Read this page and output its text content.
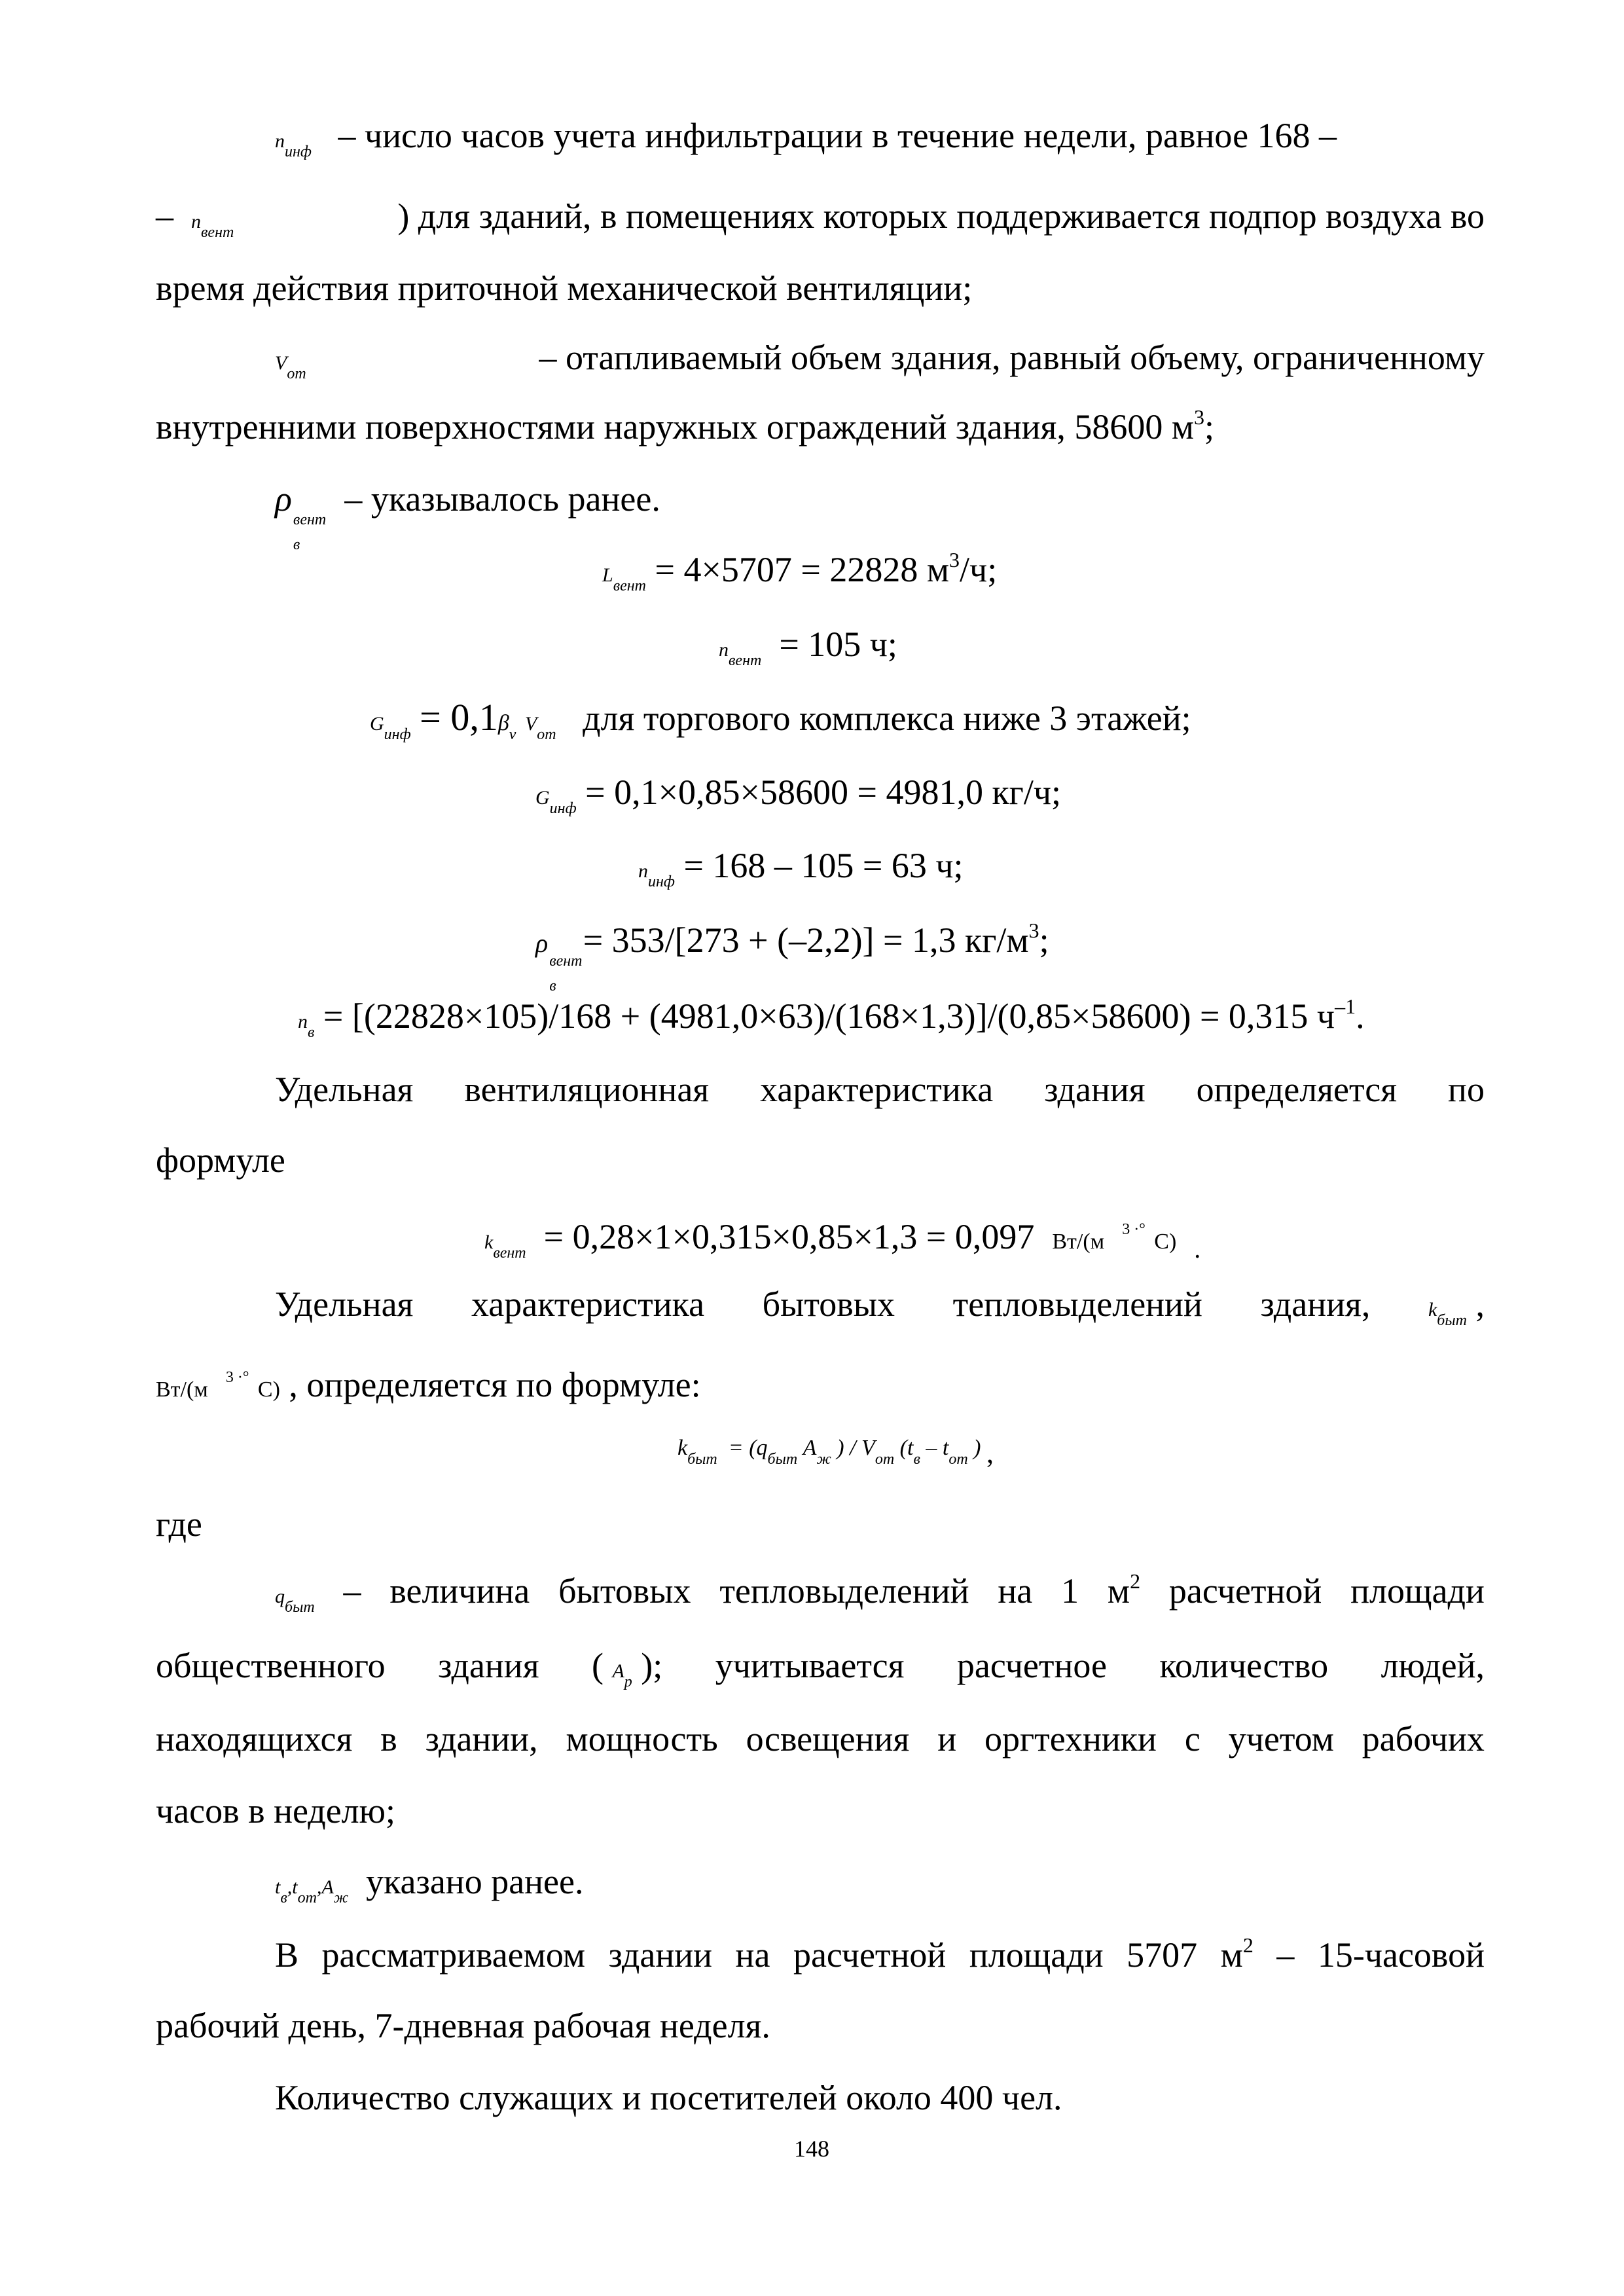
$n_{инф}$ – число часов учета инфильтрации в течение недели, равное 168 –
– $n_{вент}$	) для зданий, в помещениях которых поддерживается подпор воздуха во
время действия приточной механической вентиляции;
$V_{от}$	– отапливаемый объем здания, равный объему, ограниченному
внутренними поверхностями наружных ограждений здания, 58600 $м^3$;
ρ
в
вент
– указывалось ранее.
$L_{вент} = 4\times 5707 = 22828$ $м^3/ч$;
$n_{вент} = 105$ ч;
$G_{инф} = 0,1\beta_v$ $V_{от}$ для торгового комплекса ниже 3 этажей;
$G_{инф} = 0,1\times 0,85\times 58600 = 4981,0$ кг/ч;
$n_{инф} = 168 - 105 = 63$ ч;
ρ
в
вент
= 353/[273 + (–2,2)] = 1,3 $кг/м^3$;
$n_в = [(22828\times 105)/168 + (4981,0\times 63)/(168\times 1,3)]/(0,85\times 58600) = 0,315$ $ч^{-1}$.
Удельная вентиляционная характеристика здания определяется по
формуле
$k_{вент} = 0,28\times 1\times 0,315\times 0,85\times 1,3 = 0,097$ Вт/(м $^{3 \cdot^\circ}$ С) $_.$
Удельная характеристика бытовых тепловыделений здания,	$k_{быт}$ ,
Вт/(м $^{3 \cdot^\circ}$ С) , определяется по формуле:
$k_{быт} = (q_{быт}$ $A_ж$ ) / $V_{от}$ ($t_в - t_{от}$ ) ,
где
$q_{быт}$ – величина бытовых тепловыделений на 1 $м^2$ расчетной площади
общественного здания ( $A_р$ ); учитывается расчетное количество людей,
находящихся в здании, мощность освещения и оргтехники с учетом рабочих
часов в неделю;
$t_в,t_{от},A_ж$ указано ранее.
В рассматриваемом здании на расчетной площади 5707 $м^2$ – 15-часовой
рабочий день, 7-дневная рабочая неделя.
Количество служащих и посетителей около 400 чел.
148
